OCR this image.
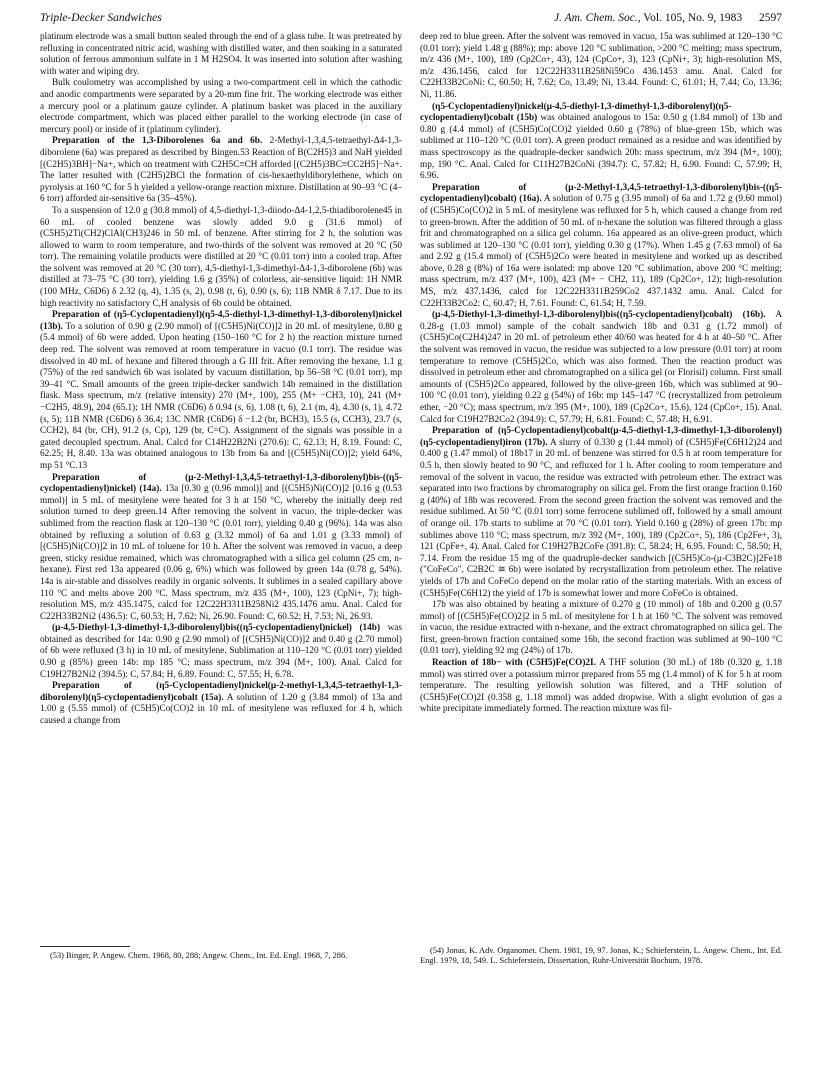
Triple-Decker Sandwiches	J. Am. Chem. Soc., Vol. 105, No. 9, 1983 2597

platinum electrode was a small button sealed through the end of a glass tube. It was pretreated by refluxing in concentrated nitric acid, washing with distilled water, and then soaking in a saturated solution of ferrous ammonium sulfate in 1 M H2SO4. It was inserted into solution after washing with water and wiping dry.

Bulk coulometry was accomplished by using a two-compartment cell in which the cathodic and anodic compartments were separated by a 20-mm fine frit. The working electrode was either a mercury pool or a platinum gauze cylinder. A platinum basket was placed in the auxiliary electrode compartment, which was placed either parallel to the working electrode (in case of mercury pool) or inside of it (platinum cylinder).

Preparation of the 1,3-Diborolenes 6a and 6b. 2-Methyl-1,3,4,5-tetraethyl-Δ4-1,3-diborolene (6a) was prepared as described by Bingen.53 Reaction of B(C2H5)3 and NaH yielded [(C2H5)3BH]−Na+, which on treatment with C2H5C≡CH afforded [(C2H5)3BC≡CC2H5]−Na+. The latter resulted with (C2H5)2BCl the formation of cis-hexaethyldiborylethene, which on pyrolysis at 160 °C for 5 h yielded a yellow-orange reaction mixture. Distillation at 90–93 °C (4–6 torr) afforded air-sensitive 6a (35–45%).

To a suspension of 12.0 g (30.8 mmol) of 4,5-diethyl-1,3-diiodo-Δ4-1,2,5-thiadiborolene45 in 60 mL of cooled benzene was slowly added 9.0 g (31.6 mmol) of (C5H5)2Ti(CH2)ClAl(CH3)246 in 50 mL of benzene. After stirring for 2 h, the solution was allowed to warm to room temperature, and two-thirds of the solvent was removed at 20 °C (50 torr). The remaining volatile products were distilled at 20 °C (0.01 torr) into a cooled trap. After the solvent was removed at 20 °C (30 torr), 4,5-diethyl-1,3-dimethyl-Δ4-1,3-diborolene (6b) was distilled at 73–75 °C (30 torr), yielding 1.6 g (35%) of colorless, air-sensitive liquid: 1H NMR (100 MHz, C6D6) δ 2.32 (q, 4), 1.35 (s, 2), 0.98 (t, 6), 0.90 (s, 6); 11B NMR δ 7.17. Due to its high reactivity no satisfactory C,H analysis of 6b could be obtained.

Preparation of (η5-Cyclopentadienyl)(η5-4,5-diethyl-1,3-dimethyl-1,3-diborolenyl)nickel (13b). To a solution of 0.90 g (2.90 mmol) of [(C5H5)Ni(CO)]2 in 20 mL of mesitylene, 0.80 g (5.4 mmol) of 6b were added. Upon heating (150–160 °C for 2 h) the reaction mixture turned deep red. The solvent was removed at room temperature in vacuo (0.1 torr). The residue was dissolved in 40 mL of hexane and filtered through a G III frit. After removing the hexane, 1.1 g (75%) of the red sandwich 6b was isolated by vacuum distillation, bp 56–58 °C (0.01 torr), mp 39–41 °C. Small amounts of the green triple-decker sandwich 14b remained in the distillation flask. Mass spectrum, m/z (relative intensity) 270 (M+, 100), 255 (M+ −CH3, 10), 241 (M+ −C2H5, 48.9), 204 (65.1); 1H NMR (C6D6) δ 0.94 (s, 6), 1.08 (t, 6), 2.1 (m, 4), 4.30 (s, 1), 4.72 (s, 5); 11B NMR (C6D6) δ 36.4; 13C NMR (C6D6) δ −1.2 (br, BCH3), 15.5 (s, CCH3), 23.7 (s, CCH2), 84 (br, CH), 91.2 (s, Cp), 129 (br, C=C). Assignment of the signals was possible in a gated decoupled spectrum. Anal. Calcd for C14H22B2Ni (270.6): C, 62.13; H, 8.19. Found: C, 62.25; H, 8.40. 13a was obtained analogous to 13b from 6a and [(C5H5)Ni(CO)]2; yield 64%, mp 51 °C.13

Preparation of (μ-2-Methyl-1,3,4,5-tetraethyl-1,3-diborolenyl)bis-((η5-cyclopentadienyl)nickel) (14a). 13a [0.30 g (0.96 mmol)] and [(C5H5)Ni(CO)]2 [0.16 g (0.53 mmol)] in 5 mL of mesitylene were heated for 3 h at 150 °C, whereby the initially deep red solution turned to deep green.14 After removing the solvent in vacuo, the triple-decker was sublimed from the reaction flask at 120–130 °C (0.01 torr), yielding 0.40 g (96%). 14a was also obtained by refluxing a solution of 0.63 g (3.32 mmol) of 6a and 1.01 g (3.33 mmol) of [(C5H5)Ni(CO)]2 in 10 mL of toluene for 10 h. After the solvent was removed in vacuo, a deep green, sticky residue remained, which was chromatographed with a silica gel column (25 cm, n-hexane). First red 13a appeared (0.06 g, 6%) which was followed by green 14a (0.78 g, 54%). 14a is air-stable and dissolves readily in organic solvents. It sublimes in a sealed capillary above 110 °C and melts above 200 °C. Mass spectrum, m/z 435 (M+, 100), 123 (CpNi+, 7); high-resolution MS, m/z 435.1475, calcd for 12C22H3311B258Ni2 435.1476 amu. Anal. Calcd for C22H33B2Ni2 (436.5): C, 60.53; H, 7.62; Ni, 26.90. Found: C, 60.52; H, 7.53; Ni, 26.93.

(μ-4,5-Diethyl-1,3-dimethyl-1,3-diborolenyl)bis((η5-cyclopentadienyl)nickel) (14b) was obtained as described for 14a: 0.90 g (2.90 mmol) of [(C5H5)Ni(CO)]2 and 0.40 g (2.70 mmol) of 6b were refluxed (3 h) in 10 mL of mesitylene. Sublimation at 110–120 °C (0.01 torr) yielded 0.90 g (85%) green 14b: mp 185 °C; mass spectrum, m/z 394 (M+, 100). Anal. Calcd for C19H27B2Ni2 (394.5): C, 57.84; H, 6.89. Found: C, 57.55; H, 6.78.

Preparation of (η5-Cyclopentadienyl)nickel(μ-2-methyl-1,3,4,5-tetraethyl-1,3-diborolenyl)(η5-cyclopentadienyl)cobalt (15a). A solution of 1.20 g (3.84 mmol) of 13a and 1.00 g (5.55 mmol) of (C5H5)Co(CO)2 in 10 mL of mesitylene was refluxed for 4 h, which caused a change from

deep red to blue green. After the solvent was removed in vacuo, 15a was sublimed at 120–130 °C (0.01 torr); yield 1.48 g (88%); mp: above 120 °C sublimation, >200 °C melting; mass spectrum, m/z 436 (M+, 100), 189 (Cp2Co+, 43), 124 (CpCo+, 3), 123 (CpNi+, 3); high-resolution MS, m/z 436.1456, calcd for 12C22H3311B258Ni59Co 436.1453 amu. Anal. Calcd for C22H33B2CoNi: C, 60.50; H, 7.62; Co, 13.49; Ni, 13.44. Found: C, 61.01; H, 7.44; Co, 13.36; Ni, 11.86.

(η5-Cyclopentadienyl)nickel(μ-4,5-diethyl-1,3-dimethyl-1,3-diborolenyl)(η5-cyclopentadienyl)cobalt (15b) was obtained analogous to 15a: 0.50 g (1.84 mmol) of 13b and 0.80 g (4.4 mmol) of (C5H5)Co(CO)2 yielded 0.60 g (78%) of blue-green 15b, which was sublimed at 110–120 °C (0.01 torr). A green product remained as a residue and was identified by mass spectroscopy as the quadruple-decker sandwich 20b: mass spectrum, m/z 394 (M+, 100); mp, 190 °C. Anal. Calcd for C11H27B2CoNi (394.7): C, 57.82; H, 6.90. Found: C, 57.99; H, 6.96.

Preparation of (μ-2-Methyl-1,3,4,5-tetraethyl-1,3-diborolenyl)bis-((η5-cyclopentadienyl)cobalt) (16a). A solution of 0.75 g (3.95 mmol) of 6a and 1.72 g (9.60 mmol) of (C5H5)Co(CO)2 in 5 mL of mesitylene was refluxed for 5 h, which caused a change from red to green-brown. After the addition of 50 mL of n-hexane the solution was filtered through a glass frit and chromatographed on a silica gel column. 16a appeared as an olive-green product, which was sublimed at 120–130 °C (0.01 torr), yielding 0.30 g (17%). When 1.45 g (7.63 mmol) of 6a and 2.92 g (15.4 mmol) of (C5H5)2Co were heated in mesitylene and worked up as described above, 0.28 g (8%) of 16a were isolated: mp above 120 °C sublimation, above 200 °C melting; mass spectrum, m/z 437 (M+, 100), 423 (M+ − CH2, 11), 189 (Cp2Co+, 12); high-resolution MS, m/z 437.1436, calcd for 12C22H3311B259Co2 437.1432 amu. Anal. Calcd for C22H33B2Co2: C, 60.47; H, 7.61. Found: C, 61.54; H, 7.59.

(μ-4,5-Diethyl-1,3-dimethyl-1,3-diborolenyl)bis((η5-cyclopentadienyl)cobalt) (16b). A 0.28-g (1.03 mmol) sample of the cobalt sandwich 18b and 0.31 g (1.72 mmol) of (C5H5)Co(C2H4)247 in 20 mL of petroleum ether 40/60 was heated for 4 h at 40–50 °C. After the solvent was removed in vacuo, the residue was subjected to a low pressure (0.01 torr) at room temperature to remove (C5H5)2Co, which was also formed. Then the reaction product was dissolved in petroleum ether and chromatographed on a silica gel (or Florisil) column. First small amounts of (C5H5)2Co appeared, followed by the olive-green 16b, which was sublimed at 90–100 °C (0.01 torr), yielding 0.22 g (54%) of 16b: mp 145–147 °C (recrystallized from petroleum ether, −20 °C); mass spectrum, m/z 395 (M+, 100), 189 (Cp2Co+, 15.6), 124 (CpCo+, 15). Anal. Calcd for C19H27B2Co2 (394.9): C, 57.79; H, 6.81. Found: C, 57.48; H, 6.91.

Preparation of (η5-Cyclopentadienyl)cobalt(μ-4,5-diethyl-1,3-dimethyl-1,3-diborolenyl)(η5-cyclopentadienyl)iron (17b). A slurry of 0.330 g (1.44 mmol) of (C5H5)Fe(C6H12)24 and 0.400 g (1.47 mmol) of 18b17 in 20 mL of benzene was stirred for 0.5 h at room temperature for 0.5 h, then slowly heated to 90 °C, and refluxed for 1 h. After cooling to room temperature and removal of the solvent in vacuo, the residue was extracted with petroleum ether. The extract was separated into two fractions by chromatography on silica gel. From the first orange fraction 0.160 g (40%) of 18b was recovered. From the second green fraction the solvent was removed and the residue sublimed. At 50 °C (0.01 torr) some ferrocene sublimed off, followed by a small amount of orange oil. 17b starts to sublime at 70 °C (0.01 torr). Yield 0.160 g (28%) of green 17b: mp sublimes above 110 °C; mass spectrum, m/z 392 (M+, 100), 189 (Cp2Co+, 5), 186 (Cp2Fe+, 3), 121 (CpFe+, 4). Anal. Calcd for C19H27B2CoFe (391.8): C, 58.24; H, 6.95. Found: C, 58.50; H, 7.14. From the residue 15 mg of the quadruple-decker sandwich [(C5H5)Co-(μ-C3B2C)]2Fe18 ("CoFeCo", C2B2C ≅ 6b) were isolated by recrystallization from petroleum ether. The relative yields of 17b and CoFeCo depend on the molar ratio of the starting materials. With an excess of (C5H5)Fe(C6H12) the yield of 17b is somewhat lower and more CoFeCo is obtained.

17b was also obtained by heating a mixture of 0.270 g (10 mmol) of 18b and 0.200 g (0.57 mmol) of [(C5H5)Fe(CO)2]2 in 5 mL of mesitylene for 1 h at 160 °C. The solvent was removed in vacuo, the residue extracted with n-hexane, and the extract chromatographed on silica gel. The first, green-brown fraction contained some 16b, the second fraction was sublimed at 90–100 °C (0.01 torr), yielding 92 mg (24%) of 17b.

Reaction of 18b− with (C5H5)Fe(CO)2I. A THF solution (30 mL) of 18b (0.320 g, 1.18 mmol) was stirred over a potassium mirror prepared from 55 mg (1.4 mmol) of K for 5 h at room temperature. The resulting yellowish solution was filtered, and a THF solution of (C5H5)Fe(CO)2I (0.358 g, 1.18 mmol) was added dropwise. With a slight evolution of gas a white precipitate immediately formed. The reaction mixture was fil-

(53) Binger, P. Angew. Chem. 1968, 80, 288; Angew. Chem., Int. Ed. Engl. 1968, 7, 286.

(54) Jonas, K. Adv. Organomet. Chem. 1981, 19, 97. Jonas, K.; Schieferstein, L. Angew. Chem., Int. Ed. Engl. 1979, 18, 549. L. Schieferstein, Dissertation, Ruhr-Universität Bochum, 1978.
